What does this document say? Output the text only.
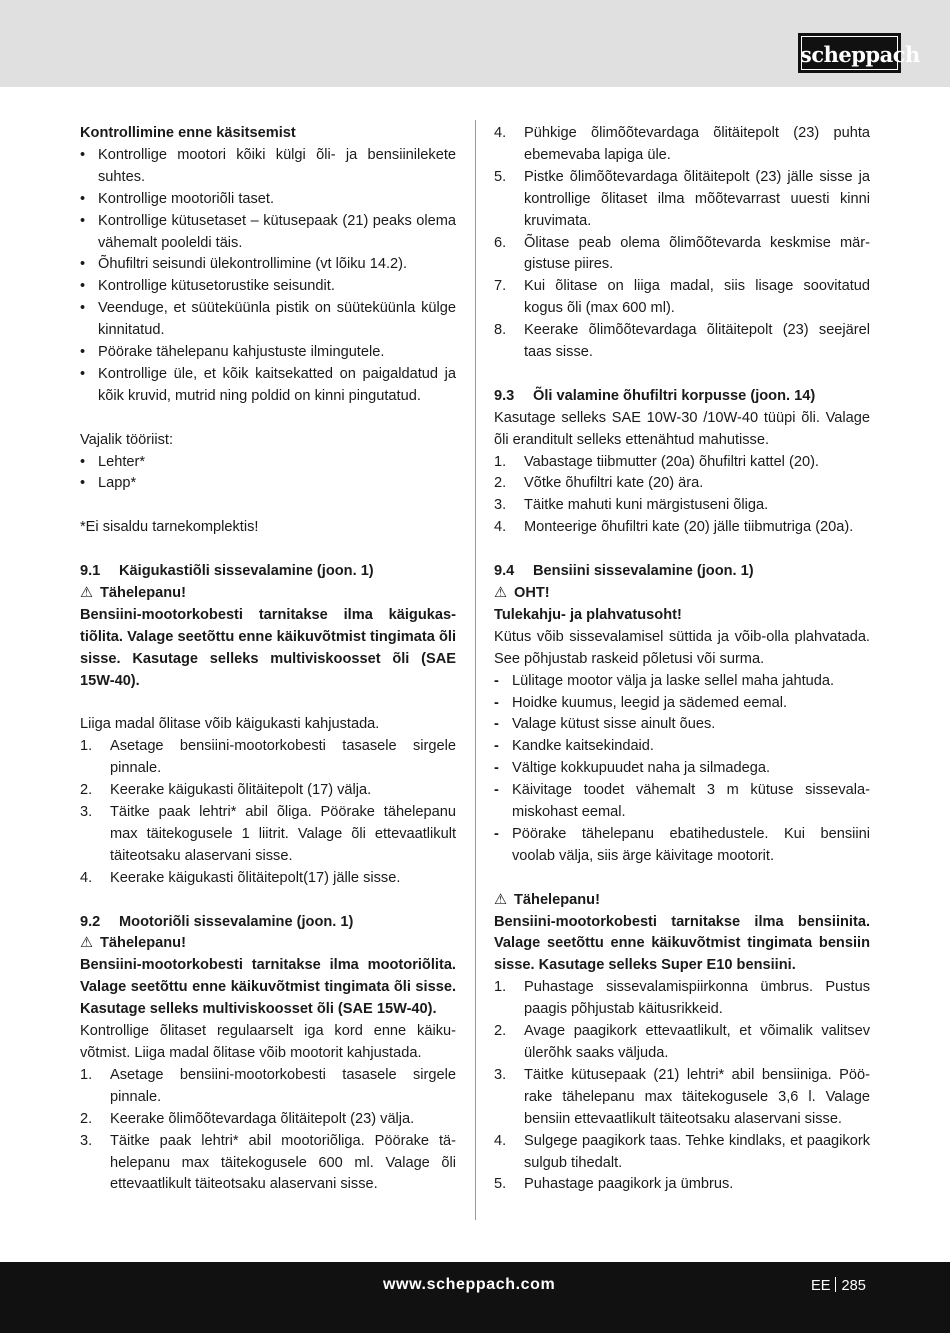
scheppach
Kontrollimine enne käsitsemist
• Kontrollige mootori kõiki külgi õli- ja bensiinilekete suhtes.
• Kontrollige mootoriõli taset.
• Kontrollige kütusetaset – kütusepaak (21) peaks olema vähemalt pooleldi täis.
• Õhufiltri seisundi ülekontrollimine (vt lõiku 14.2).
• Kontrollige kütusetorustike seisundit.
• Veenduge, et süüteküünla pistik on süüteküünla külge kinnitatud.
• Pöörake tähelepanu kahjustuste ilmingutele.
• Kontrollige üle, et kõik kaitsekatted on paigaldatud ja kõik kruvid, mutrid ning poldid on kinni pingutatud.
Vajalik tööriist:
• Lehter*
• Lapp*
*Ei sisaldu tarnekomplektis!
9.1 Käigukastiõli sissevalamine (joon. 1)
⚠ Tähelepanu!
Bensiini-mootorkobesti tarnitakse ilma käigukastiõlita. Valage seetõttu enne käikuvõtmist tingimata õli sisse. Kasutage selleks multiviskoosset õli (SAE 15W-40).
Liiga madal õlitase võib käigukasti kahjustada.
1. Asetage bensiini-mootorkobesti tasasele sirgele pinnale.
2. Keerake käigukasti õlitäitepolt (17) välja.
3. Täitke paak lehtri* abil õliga. Pöörake tähelepanu max täitekogusele 1 liitrit. Valage õli ettevaatlikult täiteotsaku alaservani sisse.
4. Keerake käigukasti õlitäitepolt(17) jälle sisse.
9.2 Mootoriõli sissevalamine (joon. 1)
⚠ Tähelepanu!
Bensiini-mootorkobesti tarnitakse ilma mootoriõlita. Valage seetõttu enne käikuvõtmist tingimata õli sisse. Kasutage selleks multiviskoosset õli (SAE 15W-40).
Kontrollige õlitaset regulaarselt iga kord enne käikuvõtmist. Liiga madal õlitase võib mootorit kahjustada.
1. Asetage bensiini-mootorkobesti tasasele sirgele pinnale.
2. Keerake õlimõõtevardaga õlitäitepolt (23) välja.
3. Täitke paak lehtri* abil mootoriõliga. Pöörake tähelepanu max täitekogusele 600 ml. Valage õli ettevaatlikult täiteotsaku alaservani sisse.
4. Pühkige õlimõõtevardaga õlitäitepolt (23) puhta ebemevaba lapiga üle.
5. Pistke õlimõõtevardaga õlitäitepolt (23) jälle sisse ja kontrollige õlitaset ilma mõõtevarrast uuesti kinni kruvimata.
6. Õlitase peab olema õlimõõtevarda keskmise märgistuse piires.
7. Kui õlitase on liiga madal, siis lisage soovitatud kogus õli (max 600 ml).
8. Keerake õlimõõtevardaga õlitäitepolt (23) seejärel taas sisse.
9.3 Õli valamine õhufiltri korpusse (joon. 14)
Kasutage selleks SAE 10W-30 /10W-40 tüüpi õli. Valage õli eranditult selleks ettenähtud mahutisse.
1. Vabastage tiibmutter (20a) õhufiltri kattel (20).
2. Võtke õhufiltri kate (20) ära.
3. Täitke mahuti kuni märgistuseni õliga.
4. Monteerige õhufiltri kate (20) jälle tiibmutriga (20a).
9.4 Bensiini sissevalamine (joon. 1)
⚠ OHT!
Tulekahju- ja plahvatusoht!
Kütus võib sissevalamisel süttida ja võib-olla plahvatada. See põhjustab raskeid põletusi või surma.
- Lülitage mootor välja ja laske sellel maha jahtuda.
- Hoidke kuumus, leegid ja sädemed eemal.
- Valage kütust sisse ainult õues.
- Kandke kaitsekindaid.
- Vältige kokkupuudet naha ja silmadega.
- Käivitage toodet vähemalt 3 m kütuse sissevalamiskohast eemal.
- Pöörake tähelepanu ebatihedustele. Kui bensiini voolab välja, siis ärge käivitage mootorit.
⚠ Tähelepanu!
Bensiini-mootorkobesti tarnitakse ilma bensiinita. Valage seetõttu enne käikuvõtmist tingimata bensiin sisse. Kasutage selleks Super E10 bensiini.
1. Puhastage sissevalamispiirkonna ümbrus. Pustus paagis põhjustab käitusrikkeid.
2. Avage paagikork ettevaatlikult, et võimalik valitsev ülerõhk saaks väljuda.
3. Täitke kütusepaak (21) lehtri* abil bensiiniga. Pöörake tähelepanu max täitekogusele 3,6 l. Valage bensiin ettevaatlikult täiteotsaku alaservani sisse.
4. Sulgege paagikork taas. Tehke kindlaks, et paagikork sulgub tihedalt.
5. Puhastage paagikork ja ümbrus.
www.scheppach.com	EE 285
